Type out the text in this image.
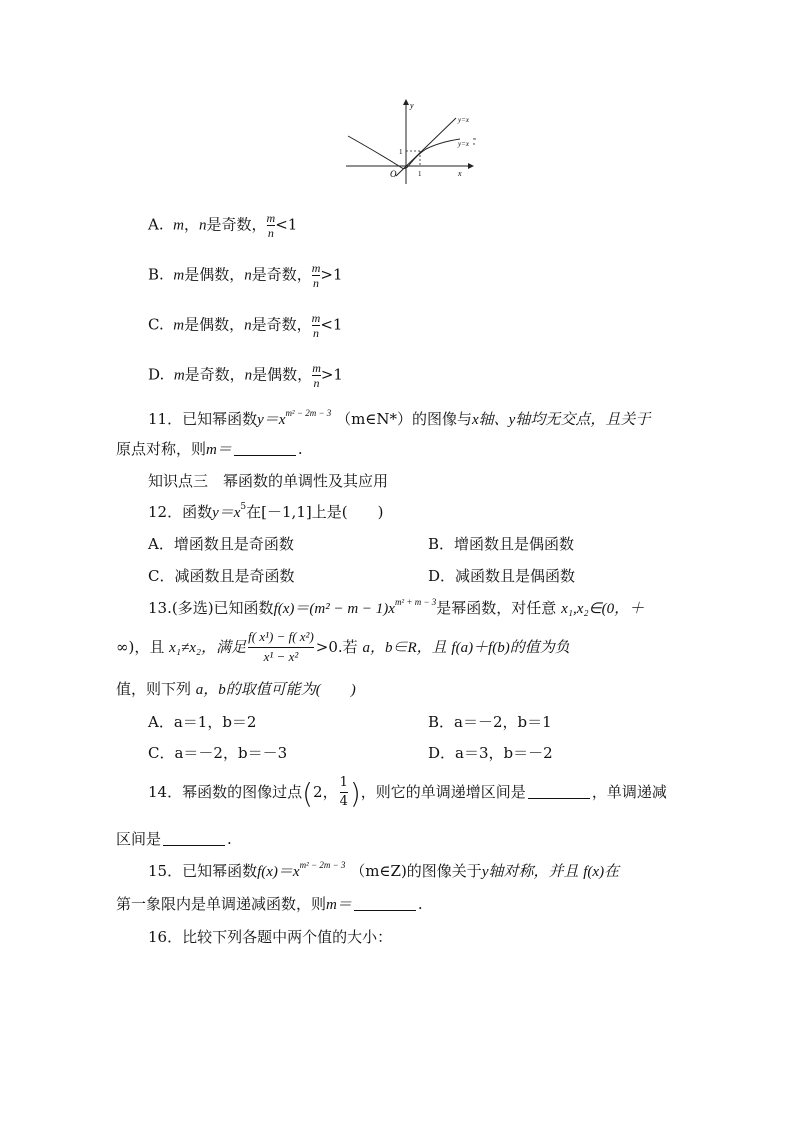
y
x
O	1
1
y=x
y=x
m
n
A. m，n是奇数， $\frac{m}{n} <1$
B. m是偶数，n是奇数， $\frac{m}{n} >1$
C. m是偶数，n是奇数， $\frac{m}{n} <1$
D. m是奇数，n是偶数， $\frac{m}{n} >1$
11．已知幂函数$y=x^{m^2 - 2m - 3}$ （m∈N*）的图像与x轴、y轴均无交点，且关于
原点对称，则m＝	.
知识点三　幂函数的单调性及其应用
12．函数$y=x^5$在[－1,1]上是(　　)
A．增函数且是奇函数	B．增函数且是偶函数
C．减函数且是奇函数	D．减函数且是偶函数
13.(多选)已知函数$f(x)=(m^2 - m - 1)x^{m^2 + m - 3}$是幂函数，对任意 x₁,x₂∈(0，＋
∞)，且 x₁≠x₂，满足 $\frac{\text{f( x¹) − f( x²)}}{\text{x¹ − x²}} >0$.若 a，b∈R，且 f(a)＋f(b)的值为负
值，则下列 a，b的取值可能为(　　)
A．a＝1，b＝2	B．a＝－2，b＝1
C．a＝－2，b＝－3	D．a＝3，b＝－2
14．幂函数的图像过点(2， $\frac{1}{4}$ )，则它的单调递增区间是	，单调递减
区间是	.
15．已知幂函数$f(x)=x^{m^2 - 2m - 3}$ （m∈Z)的图像关于y轴对称，并且 f(x)在
第一象限内是单调递减函数，则m＝	.
16．比较下列各题中两个值的大小：
